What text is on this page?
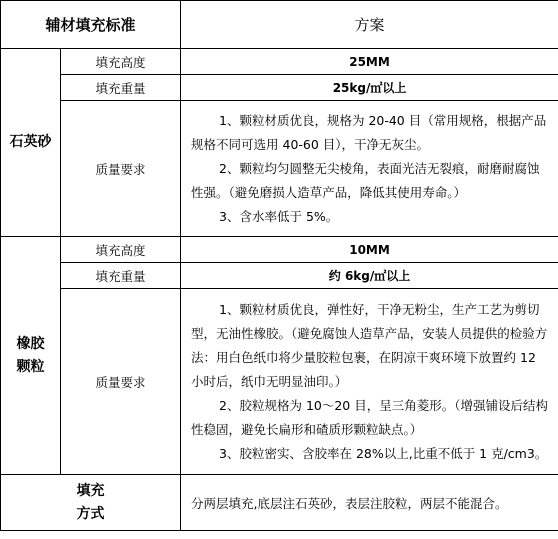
辅材填充标准		方案
石英砂	填充高度	25MM
	填充重量	25kg/㎡以上
	质量要求	1、颗粒材质优良，规格为 20-40 目（常用规格，根据产品规格不同可选用 40-60 目），干净无灰尘。

2、颗粒均匀圆整无尖棱角，表面光洁无裂痕，耐磨耐腐蚀性强。（避免磨损人造草产品，降低其使用寿命。）

3、含水率低于 5%。

橡胶
颗粒	填充高度	10MM
	填充重量	约 6kg/㎡以上
	质量要求	1、颗粒材质优良，弹性好，干净无粉尘，生产工艺为剪切型，无油性橡胶。（避免腐蚀人造草产品，安装人员提供的检验方法：用白色纸巾将少量胶粒包裹，在阴凉干爽环境下放置约 12 小时后，纸巾无明显油印。）

2、胶粒规格为 10～20 目，呈三角菱形。（增强铺设后结构性稳固，避免长扁形和碴质形颗粒缺点。）

3、胶粒密实、含胶率在 28%以上,比重不低于 1 克/cm3。

填充
方式		分两层填充,底层注石英砂，表层注胶粒，两层不能混合。
